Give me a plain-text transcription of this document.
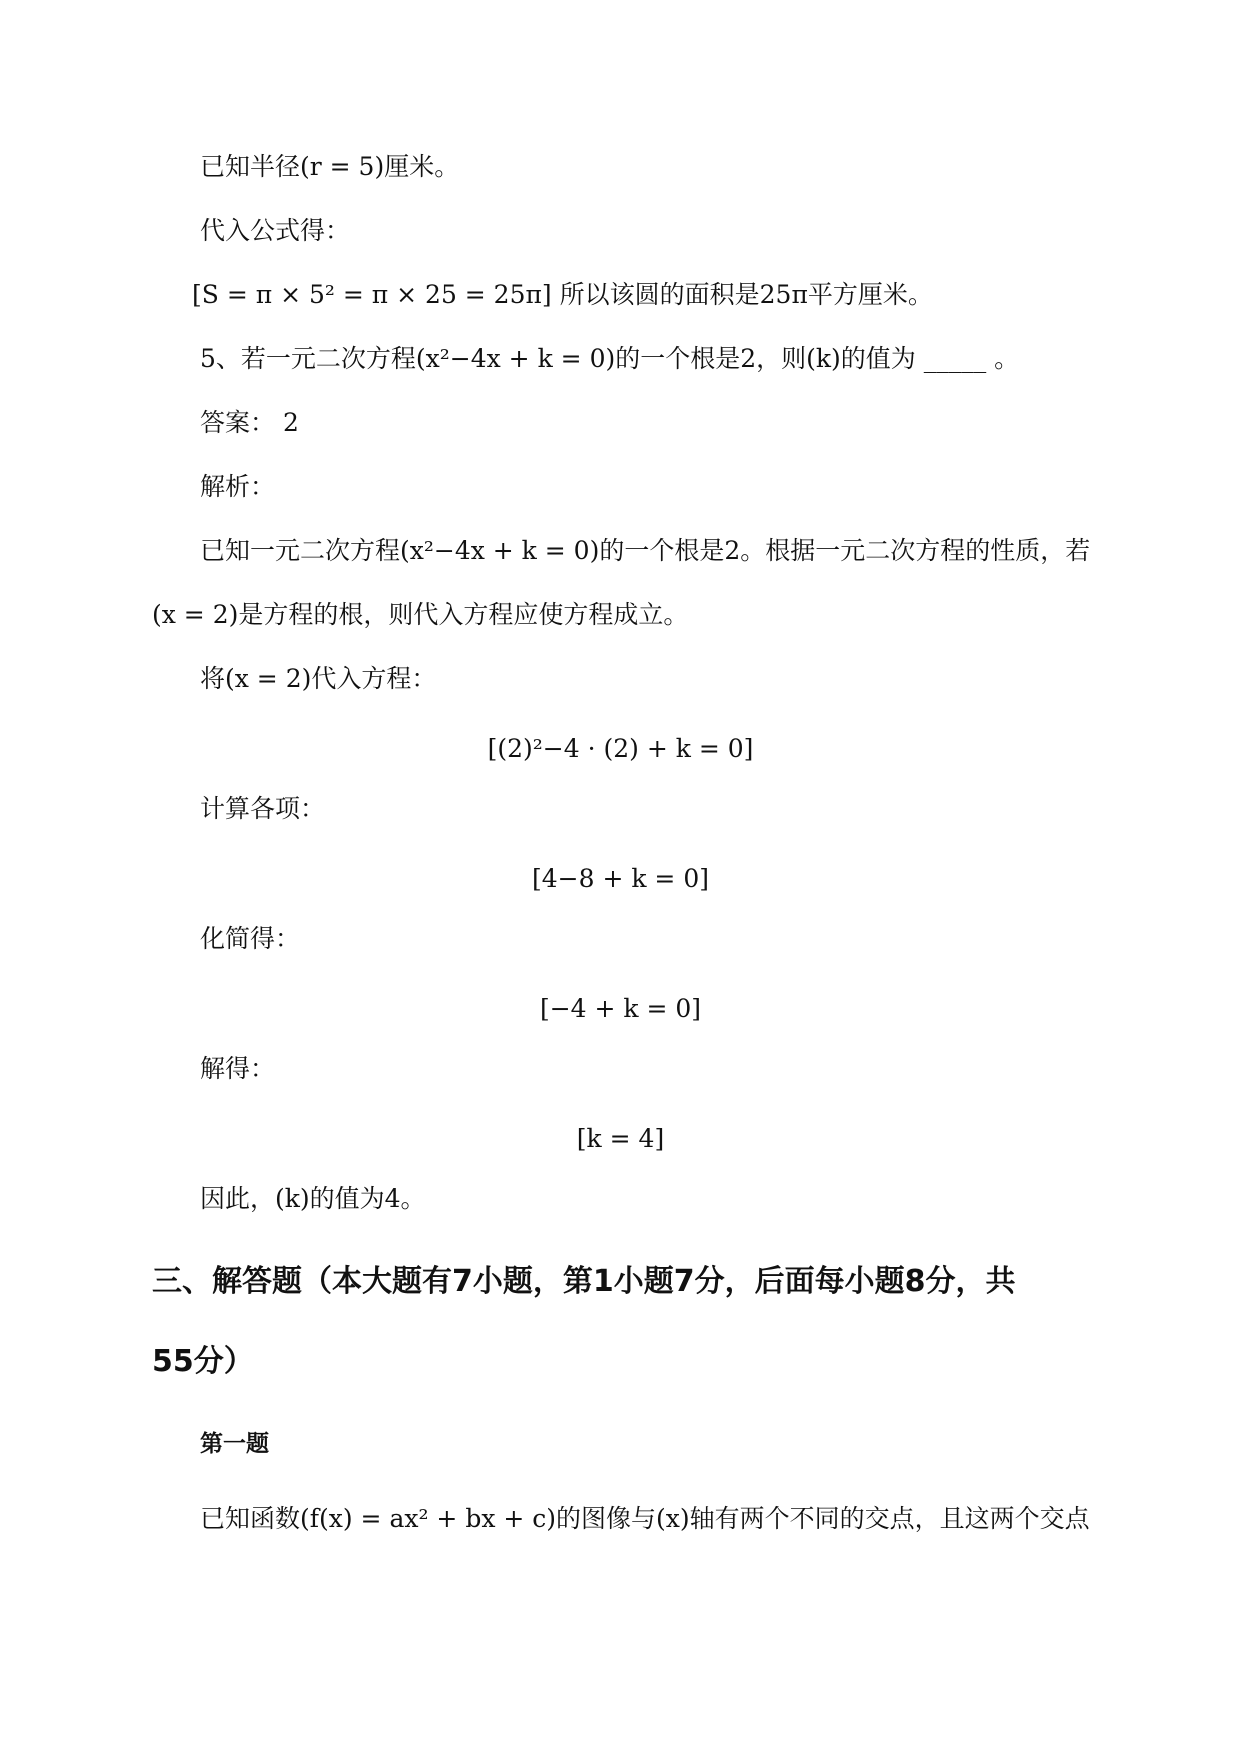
已知半径(r = 5)厘米。
代入公式得：
[S = π × 5² = π × 25 = 25π] 所以该圆的面积是25π平方厘米。
5、若一元二次方程(x²−4x + k = 0)的一个根是2，则(k)的值为 _____ 。
答案： 2
解析：
已知一元二次方程(x²−4x + k = 0)的一个根是2。根据一元二次方程的性质，若
(x = 2)是方程的根，则代入方程应使方程成立。
将(x = 2)代入方程：
[(2)²−4 · (2) + k = 0]
计算各项：
[4−8 + k = 0]
化简得：
[−4 + k = 0]
解得：
[k = 4]
因此，(k)的值为4。
三、解答题（本大题有7小题，第1小题7分，后面每小题8分，共
55分）
第一题
已知函数(f(x) = ax² + bx + c)的图像与(x)轴有两个不同的交点，且这两个交点
